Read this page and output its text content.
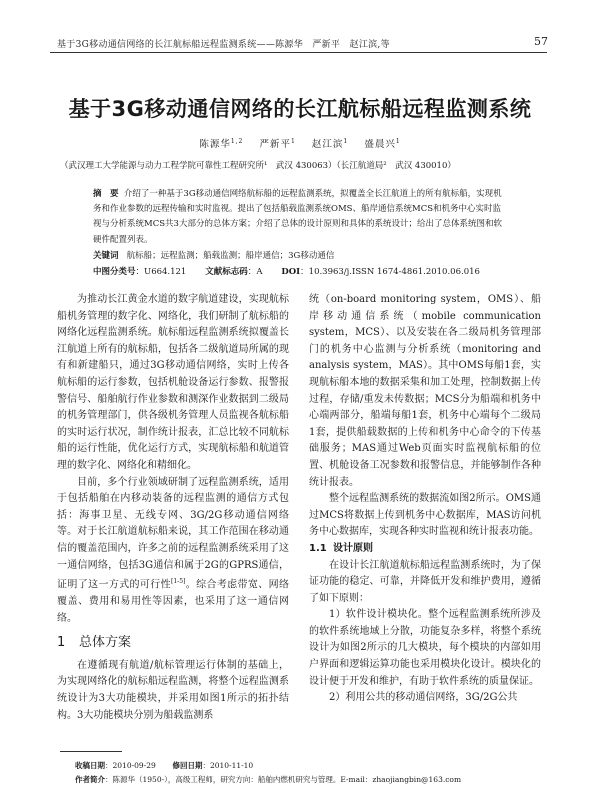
基于3G移动通信网络的长江航标船远程监测系统——陈源华　严新平　赵江滨,等	57
基于3G移动通信网络的长江航标船远程监测系统
陈源华$^{1,2}$ 严新平$^1$ 赵江滨$^1$ 盛晨兴$^1$
（武汉理工大学能源与动力工程学院可靠性工程研究所¹　武汉 430063）（长江航道局²　武汉 430010）
摘　要 介绍了一种基于3G移动通信网络航标船的远程监测系统，拟覆盖全长江航道上的所有航标船，实现机务和作业参数的远程传输和实时监视。提出了包括船载监测系统OMS、船岸通信系统MCS和机务中心实时监视与分析系统MCS共3大部分的总体方案；介绍了总体的设计原则和具体的系统设计；给出了总体系统图和软硬件配置列表。
关键词 航标船；远程监测；船载监测；船岸通信；3G移动通信
中图分类号：U664.121 文献标志码：A DOI：10.3963/j.ISSN 1674-4861.2010.06.016

为推动长江黄金水道的数字航道建设，实现航标船机务管理的数字化、网络化，我们研制了航标船的网络化远程监测系统。航标船远程监测系统拟覆盖长江航道上所有的航标船，包括各二级航道局所属的现有和新建船只，通过3G移动通信网络，实时上传各航标船的运行参数，包括机舱设备运行参数、报警报警信号、船舶航行作业参数和测深作业数据到二级局的机务管理部门，供各级机务管理人员监视各航标船的实时运行状况，制作统计报表，汇总比较不同航标船的运行性能，优化运行方式，实现航标船和航道管理的数字化、网络化和精细化。

目前，多个行业领域研制了远程监测系统，适用于包括船舶在内移动装备的远程监测的通信方式包括：海事卫星、无线专网、3G/2G移动通信网络等。对于长江航道航标船来说，其工作范围在移动通信的覆盖范围内，许多之前的远程监测系统采用了这一通信网络，包括3G通信和属于2G的GPRS通信，证明了这一方式的可行性[1-5]。综合考虑带宽、网络覆盖、费用和易用性等因素，也采用了这一通信网络。

1 总体方案

在遵循现有航道/航标管理运行体制的基础上，为实现网络化的航标船远程监测，将整个远程监测系统设计为3大功能模块，并采用如图1所示的拓扑结构。3大功能模块分别为船载监测系

统（on-board monitoring system，OMS）、船岸移动通信系统（mobile communication system，MCS）、以及安装在各二级局机务管理部门的机务中心监测与分析系统（monitoring and analysis system，MAS）。其中OMS每船1套，实现航标船本地的数据采集和加工处理，控制数据上传过程，存储/重发未传数据；MCS分为船端和机务中心端两部分，船端每船1套，机务中心端每个二级局1套，提供船载数据的上传和机务中心命令的下传基础服务；MAS通过Web页面实时监视航标船的位置、机舱设备工况参数和报警信息，并能够制作各种统计报表。

整个远程监测系统的数据流如图2所示。OMS通过MCS将数据上传到机务中心数据库，MAS访问机务中心数据库，实现各种实时监视和统计报表功能。

1.1 设计原则

在设计长江航道航标船远程监测系统时，为了保证功能的稳定、可靠，并降低开发和维护费用，遵循了如下原则：

1）软件设计模块化。整个远程监测系统所涉及的软件系统地域上分散，功能复杂多样，将整个系统设计为如图2所示的几大模块，每个模块的内部如用户界面和逻辑运算功能也采用模块化设计。模块化的设计便于开发和维护，有助于软件系统的质量保证。

2）利用公共的移动通信网络，3G/2G公共

收稿日期：2010-09-29 修回日期：2010-11-10
作者简介：陈源华（1950-），高级工程师，研究方向：船舶内燃机研究与管理。E-mail：zhaojiangbin@163.com
